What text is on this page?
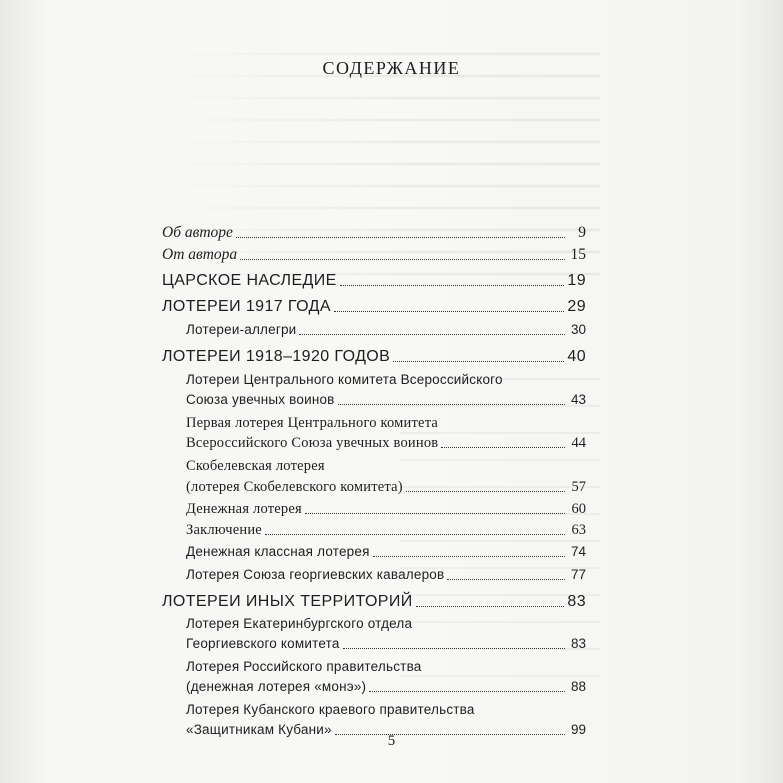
СОДЕРЖАНИЕ
Об авторе	9
От автора	15
ЦАРСКОЕ НАСЛЕДИЕ	19
ЛОТЕРЕИ 1917 ГОДА	29
Лотереи-аллегри	30
ЛОТЕРЕИ 1918–1920 ГОДОВ	40
Лотереи Центрального комитета Всероссийского
Союза увечных воинов	43
Первая лотерея Центрального комитета
Всероссийского Союза увечных воинов	44
Скобелевская лотерея
(лотерея Скобелевского комитета)	57
Денежная лотерея	60
Заключение	63
Денежная классная лотерея	74
Лотерея Союза георгиевских кавалеров	77
ЛОТЕРЕИ ИНЫХ ТЕРРИТОРИЙ	83
Лотерея Екатеринбургского отдела
Георгиевского комитета	83
Лотерея Российского правительства
(денежная лотерея «монэ»)	88
Лотерея Кубанского краевого правительства
«Защитникам Кубани»	99
5
